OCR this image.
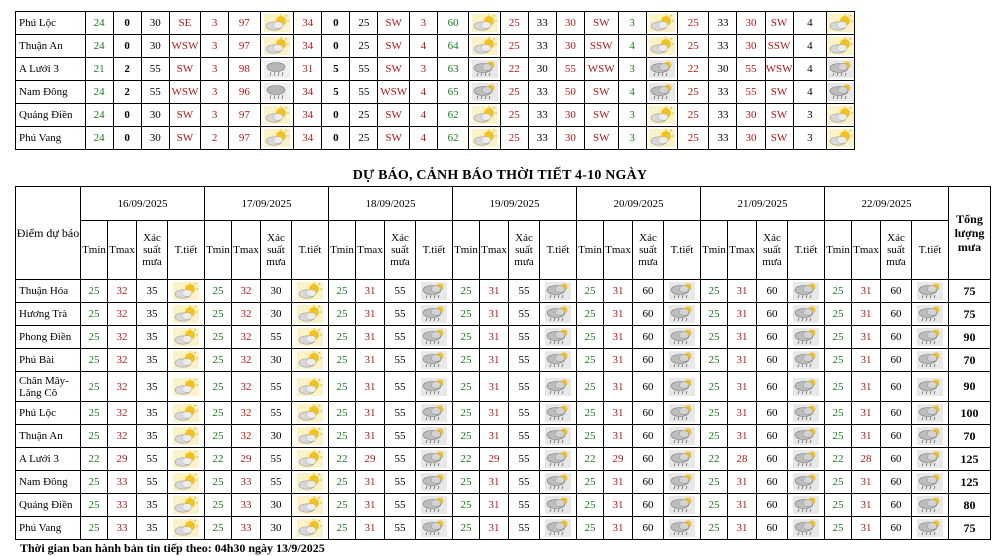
Phú Lộc	24	0	30	SE	3	97		34	0	25	SW	3	60		25	33	30	SW	3		25	33	30	SW	4	

Thuận An	24	0	30	WSW	3	97		34	0	25	SW	4	64		25	33	30	SSW	4		25	33	30	SSW	4	

A Lưới 3	21	2	55	SW	3	98		31	5	55	SW	3	63		22	30	55	WSW	3		22	30	55	WSW	4	

Nam Đông	24	2	55	WSW	3	96		34	5	55	WSW	4	65		25	33	50	SW	4		25	33	55	SW	4	

Quảng Điền	24	0	30	SW	3	97		34	0	25	SW	4	62		25	33	30	SW	3		25	33	30	SW	3	

Phú Vang	24	0	30	SW	2	97		34	0	25	SW	4	62		25	33	30	SW	3		25	33	30	SW	3	
DỰ BÁO, CẢNH BÁO THỜI TIẾT 4-10 NGÀY
Điểm dự báo	16/09/2025				17/09/2025				18/09/2025				19/09/2025				20/09/2025				21/09/2025				22/09/2025				Tổng lượng mưa
	Tmin	Tmax	Xác suất mưa	T.tiết	Tmin	Tmax	Xác suất mưa	T.tiết	Tmin	Tmax	Xác suất mưa	T.tiết	Tmin	Tmax	Xác suất mưa	T.tiết	Tmin	Tmax	Xác suất mưa	T.tiết	Tmin	Tmax	Xác suất mưa	T.tiết	Tmin	Tmax	Xác suất mưa	T.tiết	
Thuận Hóa	25	32	35		25	32	30		25	31	55		25	31	55		25	31	60		25	31	60		25	31	60		75
Hương Trà	25	32	35		25	32	30		25	31	55		25	31	55		25	31	60		25	31	60		25	31	60		75
Phong Điền	25	32	35		25	32	55		25	31	55		25	31	55		25	31	60		25	31	60		25	31	60		90
Phú Bài	25	32	35		25	32	30		25	31	55		25	31	55		25	31	60		25	31	60		25	31	60		70
Chân Mây-Lăng Cô	25	32	35		25	32	55		25	31	55		25	31	55		25	31	60		25	31	60		25	31	60		90
Phú Lộc	25	32	35		25	32	55		25	31	55		25	31	55		25	31	60		25	31	60		25	31	60		100
Thuận An	25	32	35		25	32	30		25	31	55		25	31	55		25	31	60		25	31	60		25	31	60		70
A Lưới 3	22	29	55		22	29	55		22	29	55		22	29	55		22	29	60		22	28	60		22	28	60		125
Nam Đông	25	33	55		25	33	55		25	31	55		25	31	55		25	31	60		25	31	60		25	31	60		125
Quảng Điền	25	33	35		25	33	30		25	31	55		25	31	55		25	31	60		25	31	60		25	31	60		80
Phú Vang	25	33	35		25	33	30		25	31	55		25	31	55		25	31	60		25	31	60		25	31	60		75
Thời gian ban hành bản tin tiếp theo: 04h30 ngày 13/9/2025
